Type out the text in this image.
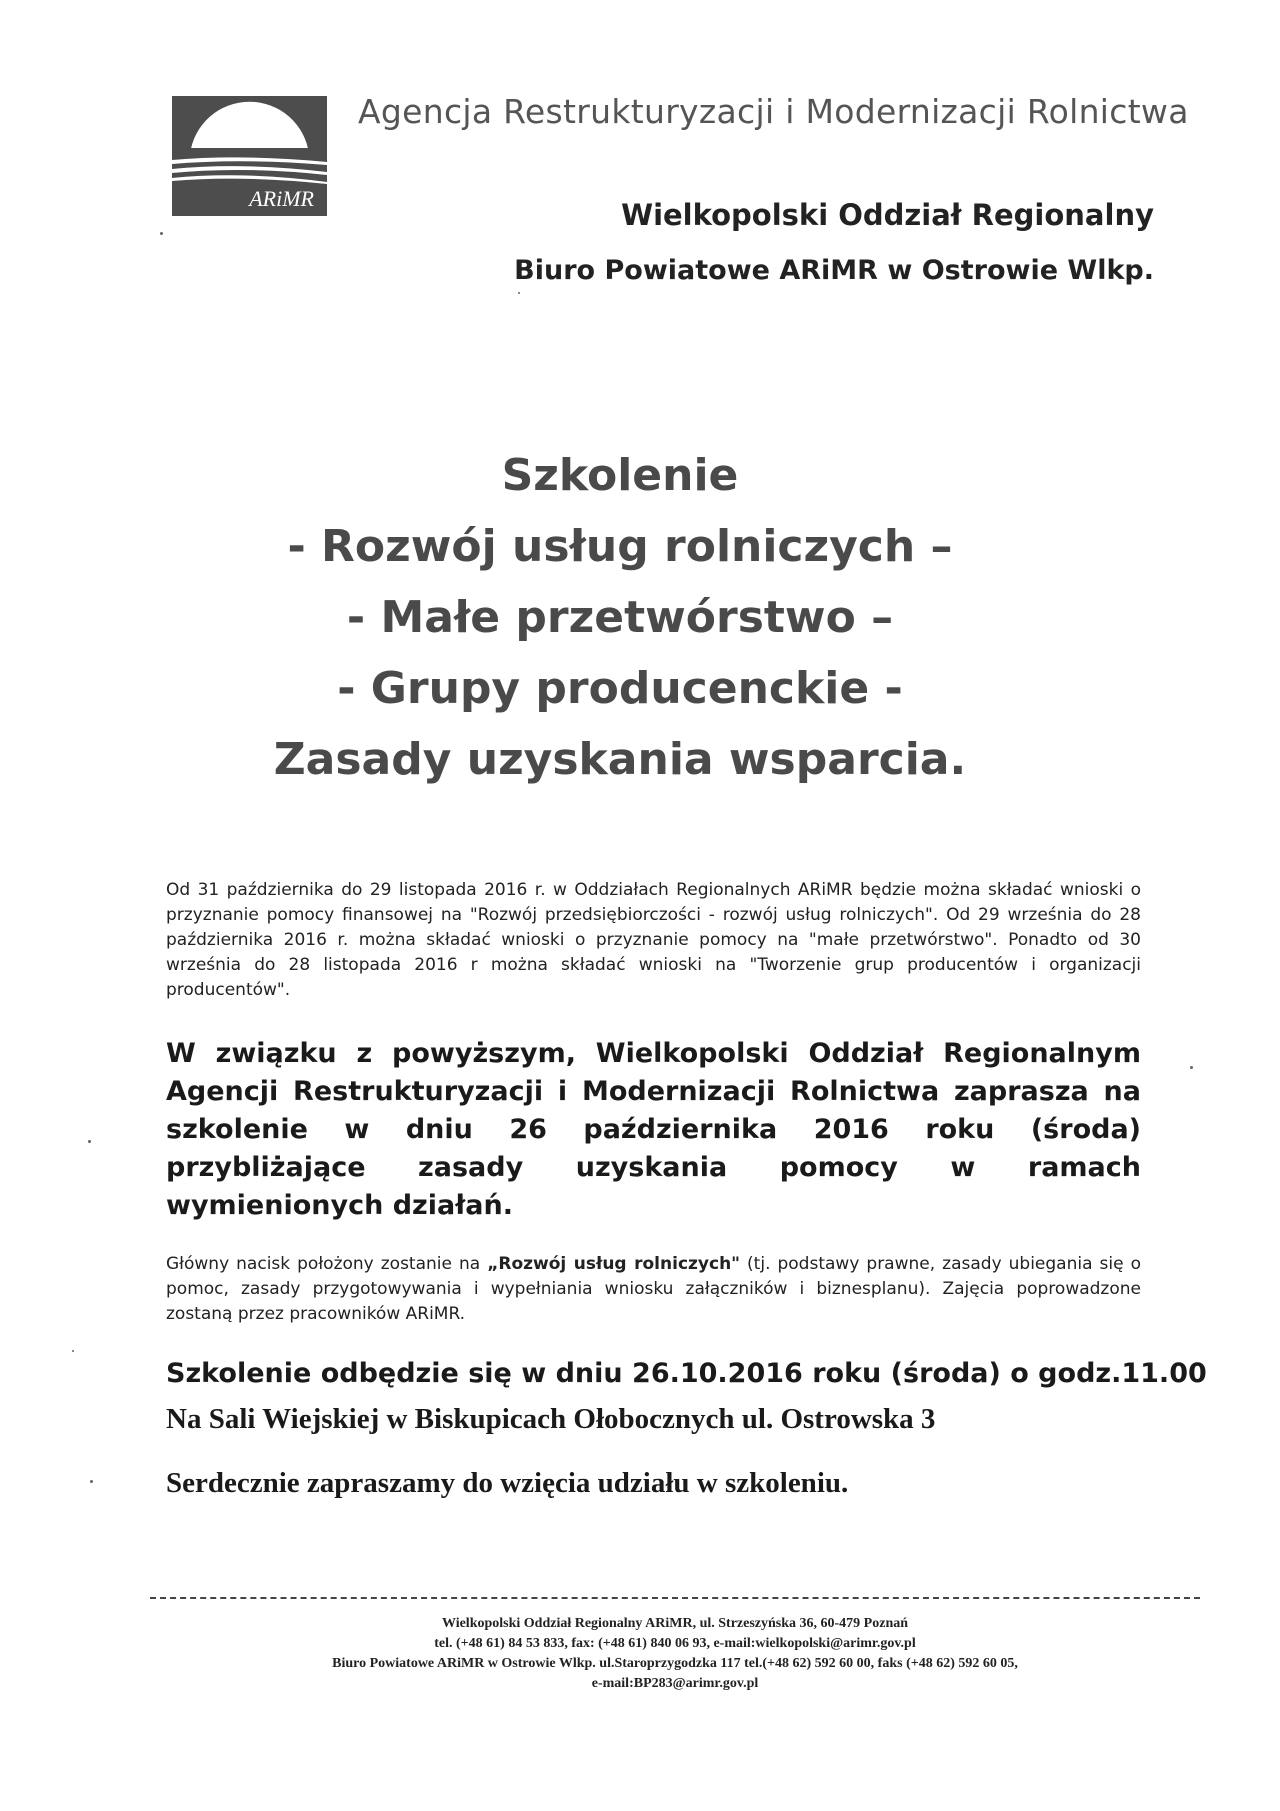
ARiMR
Agencja Restrukturyzacji i Modernizacji Rolnictwa
Wielkopolski Oddział Regionalny
Biuro Powiatowe ARiMR w Ostrowie Wlkp.
Szkolenie
- Rozwój usług rolniczych –
- Małe przetwórstwo –
- Grupy producenckie -
Zasady uzyskania wsparcia.
Od 31 października do 29 listopada 2016 r. w Oddziałach Regionalnych ARiMR będzie można składać wnioski o przyznanie pomocy finansowej na "Rozwój przedsiębiorczości - rozwój usług rolniczych". Od 29 września do 28 października 2016 r. można składać wnioski o przyznanie pomocy na "małe przetwórstwo". Ponadto od 30 września do 28 listopada 2016 r można składać wnioski na "Tworzenie grup producentów i organizacji producentów".
W związku z powyższym, Wielkopolski Oddział Regionalnym Agencji Restrukturyzacji i Modernizacji Rolnictwa zaprasza na szkolenie w dniu 26 października 2016 roku (środa) przybliżające zasady uzyskania pomocy w ramach wymienionych działań.
Główny nacisk położony zostanie na „Rozwój usług rolniczych" (tj. podstawy prawne, zasady ubiegania się o pomoc, zasady przygotowywania i wypełniania wniosku załączników i biznesplanu). Zajęcia poprowadzone zostaną przez pracowników ARiMR.
Szkolenie odbędzie się w dniu 26.10.2016 roku (środa) o godz.11.00
Na Sali Wiejskiej w Biskupicach Ołobocznych ul. Ostrowska 3
Serdecznie zapraszamy do wzięcia udziału w szkoleniu.
Wielkopolski Oddział Regionalny ARiMR, ul. Strzeszyńska 36, 60-479 Poznań
tel. (+48 61) 84 53 833, fax: (+48 61) 840 06 93, e-mail:wielkopolski@arimr.gov.pl
Biuro Powiatowe ARiMR w Ostrowie Wlkp. ul.Staroprzygodzka 117 tel.(+48 62) 592 60 00, faks (+48 62) 592 60 05,
e-mail:BP283@arimr.gov.pl
